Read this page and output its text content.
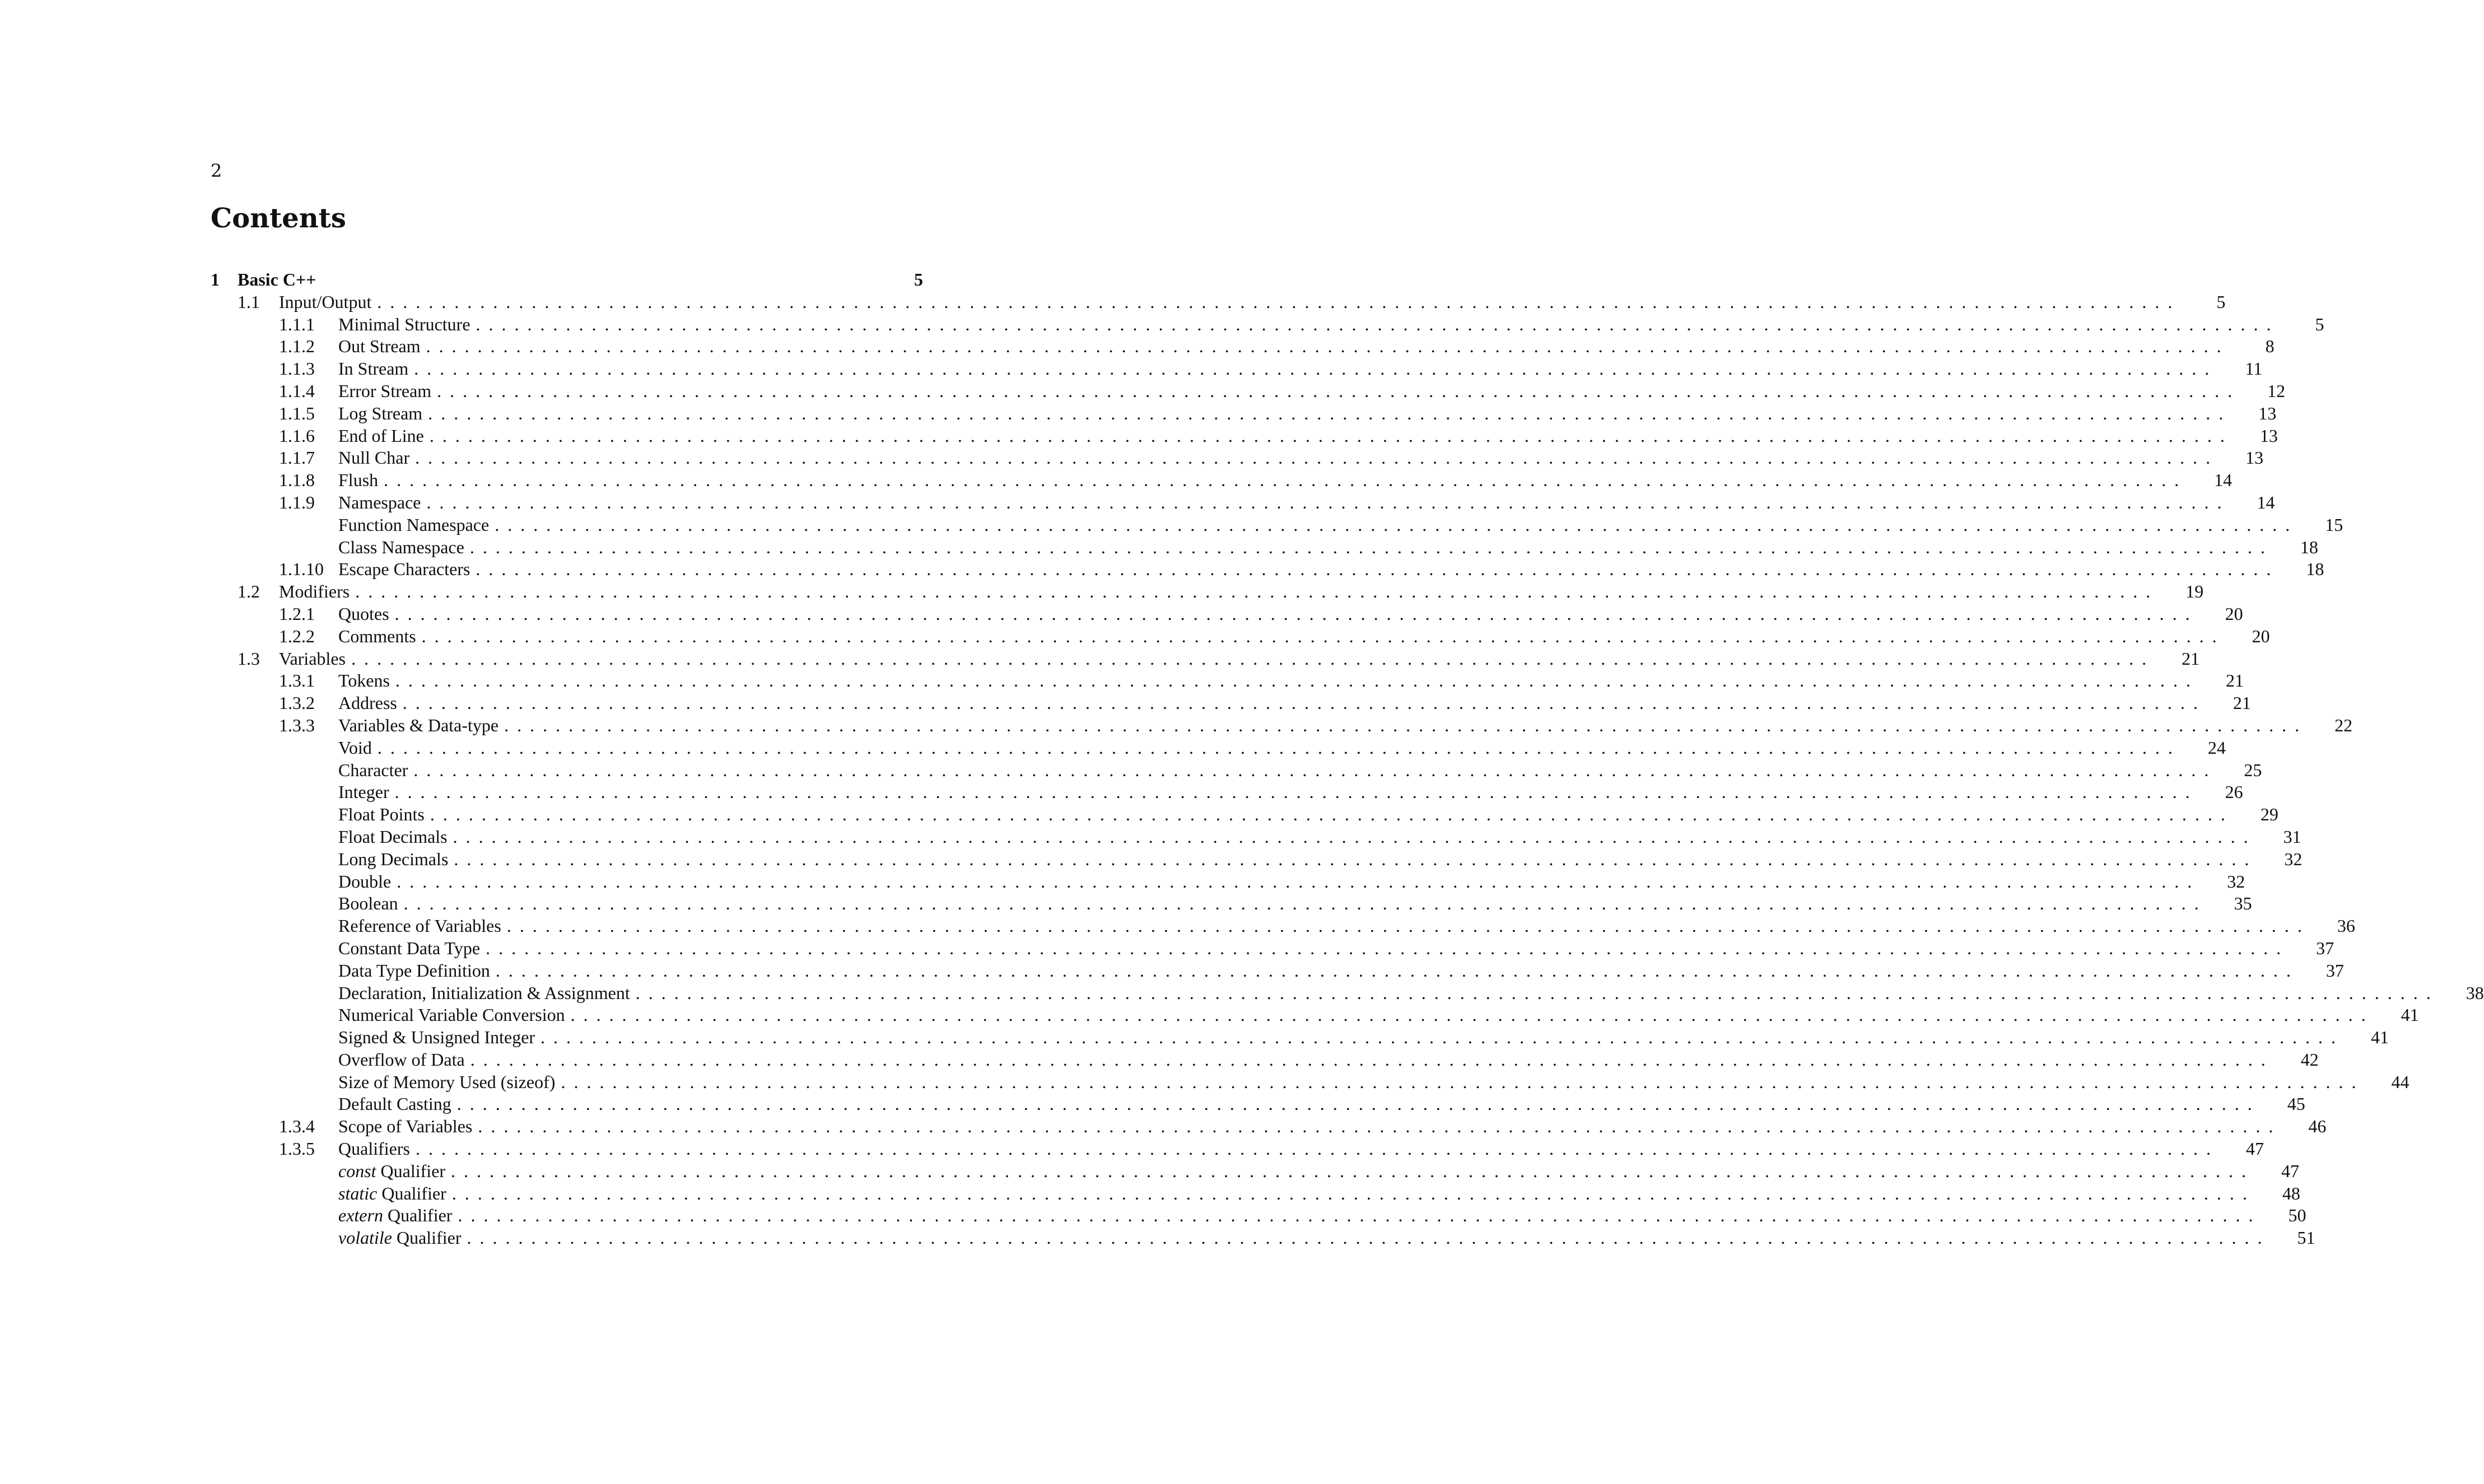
2
Contents
1 Basic C++	5
1.1 Input/Output ............................................................................................................................................	5
1.1.1 Minimal Structure ............................................................................................................................................	5
1.1.2 Out Stream ............................................................................................................................................	8
1.1.3 In Stream ............................................................................................................................................	11
1.1.4 Error Stream ............................................................................................................................................	12
1.1.5 Log Stream ............................................................................................................................................	13
1.1.6 End of Line ............................................................................................................................................	13
1.1.7 Null Char ............................................................................................................................................	13
1.1.8 Flush ............................................................................................................................................	14
1.1.9 Namespace ............................................................................................................................................	14
Function Namespace ............................................................................................................................................	15
Class Namespace ............................................................................................................................................	18
1.1.10 Escape Characters ............................................................................................................................................	18
1.2 Modifiers ............................................................................................................................................	19
1.2.1 Quotes ............................................................................................................................................	20
1.2.2 Comments ............................................................................................................................................	20
1.3 Variables ............................................................................................................................................	21
1.3.1 Tokens ............................................................................................................................................	21
1.3.2 Address ............................................................................................................................................	21
1.3.3 Variables & Data-type ............................................................................................................................................	22
Void ............................................................................................................................................	24
Character ............................................................................................................................................	25
Integer ............................................................................................................................................	26
Float Points ............................................................................................................................................	29
Float Decimals ............................................................................................................................................	31
Long Decimals ............................................................................................................................................	32
Double ............................................................................................................................................	32
Boolean ............................................................................................................................................	35
Reference of Variables ............................................................................................................................................	36
Constant Data Type ............................................................................................................................................	37
Data Type Definition ............................................................................................................................................	37
Declaration, Initialization & Assignment ............................................................................................................................................	38
Numerical Variable Conversion ............................................................................................................................................	41
Signed & Unsigned Integer ............................................................................................................................................	41
Overflow of Data ............................................................................................................................................	42
Size of Memory Used (sizeof) ............................................................................................................................................	44
Default Casting ............................................................................................................................................	45
1.3.4 Scope of Variables ............................................................................................................................................	46
1.3.5 Qualifiers ............................................................................................................................................	47
const Qualifier ............................................................................................................................................	47
static Qualifier ............................................................................................................................................	48
extern Qualifier ............................................................................................................................................	50
volatile Qualifier ............................................................................................................................................	51
